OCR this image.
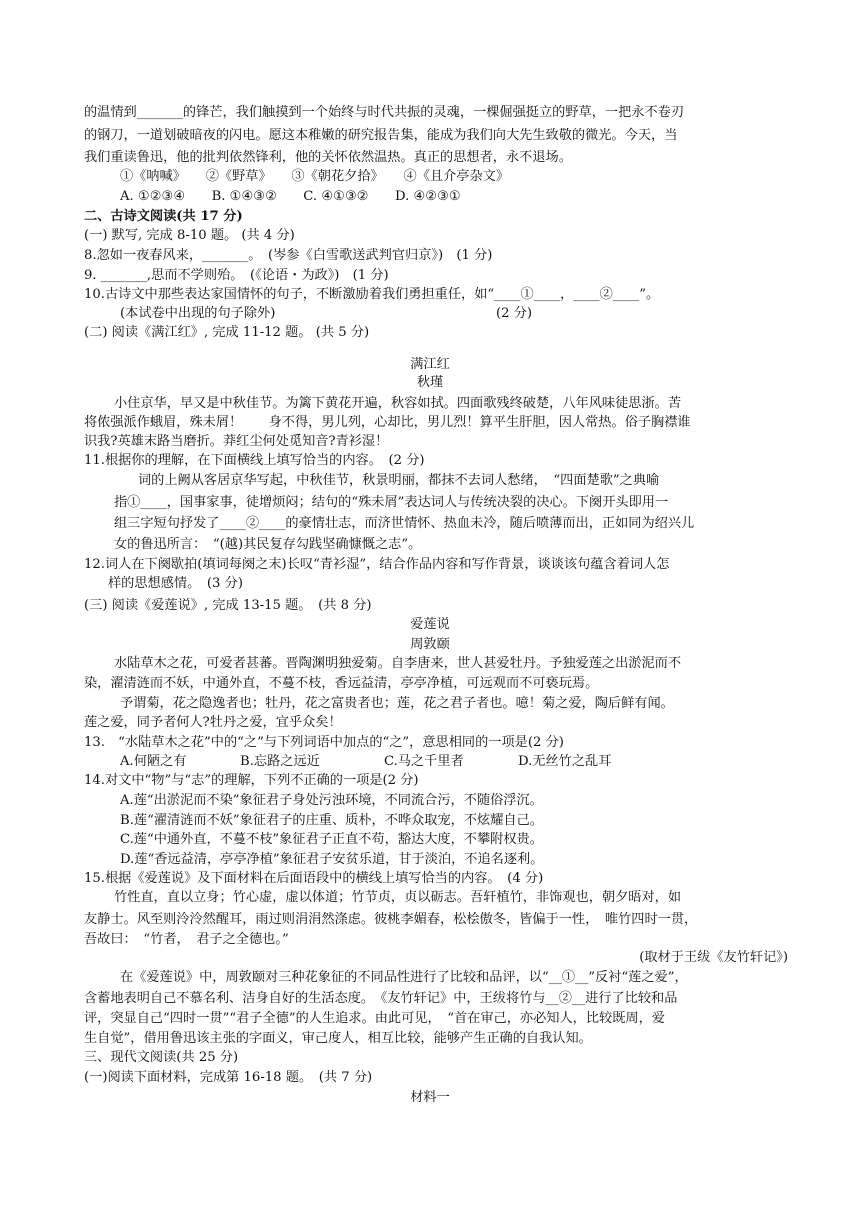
的温情到_______的锋芒，我们触摸到一个始终与时代共振的灵魂，一棵倔强挺立的野草，一把永不卷刃
的钢刀，一道划破暗夜的闪电。愿这本稚嫩的研究报告集，能成为我们向大先生致敬的微光。今天，当
我们重读鲁迅，他的批判依然锋利，他的关怀依然温热。真正的思想者，永不退场。
①《呐喊》　　②《野草》　　③《朝花夕拾》　　④《且介亭杂文》
A. ①②③④　　B. ①④③②　　C. ④①③②　　D. ④②③①
二、古诗文阅读(共 17 分)
(一) 默写, 完成 8-10 题。 (共 4 分)
8.忽如一夜春风来，_______。　(岑参《白雪歌送武判官归京》)　(1 分)
9. _______,思而不学则殆。　(《论语・为政》)　(1 分)
10.古诗文中那些表达家国情怀的句子，不断激励着我们勇担重任，如“____①____，____②____”。
(本试卷中出现的句子除外)	(2 分)
(二) 阅读《满江红》, 完成 11-12 题。 (共 5 分)
满江红
秋瑾
小住京华，早又是中秋佳节。为篱下黄花开遍，秋容如拭。四面歌残终破楚，八年风味徒思浙。苦
将侬强派作蛾眉，殊未屑！　　身不得，男儿列，心却比，男儿烈！算平生肝胆，因人常热。俗子胸襟谁
识我?英雄末路当磨折。莽红尘何处觅知音?青衫湿！
11.根据你的理解，在下面横线上填写恰当的内容。　(2 分)
词的上阙从客居京华写起，中秋佳节，秋景明丽，都抹不去词人愁绪，　“四面楚歌”之典喻
指①____，国事家事，徒增烦闷；结句的“殊未屑”表达词人与传统决裂的决心。下阕开头即用一
组三字短句抒发了____②____的豪情壮志，而济世情怀、热血未冷，随后喷薄而出，正如同为绍兴儿
女的鲁迅所言：　“(越)其民复存勾践坚确慷慨之志”。
12.词人在下阕歇拍(填词每阕之末)长叹“青衫湿”，结合作品内容和写作背景，谈谈该句蕴含着词人怎
样的思想感情。　(3 分)
(三) 阅读《爱莲说》, 完成 13-15 题。　(共 8 分)
爱莲说
周敦颐
水陆草木之花，可爱者甚蕃。晋陶渊明独爱菊。自李唐来，世人甚爱牡丹。予独爱莲之出淤泥而不
染，濯清涟而不妖，中通外直，不蔓不枝，香远益清，亭亭净植，可远观而不可亵玩焉。
予谓菊，花之隐逸者也；牡丹，花之富贵者也；莲，花之君子者也。噫！菊之爱，陶后鲜有闻。
莲之爱，同予者何人?牡丹之爱，宜乎众矣！
13.　“水陆草木之花”中的“之”与下列词语中加点的“之”，意思相同的一项是(2 分)
A.何陋之有	B.忘路之远近	C.马之千里者	D.无丝竹之乱耳
14.对文中“物”与“志”的理解，下列不正确的一项是(2 分)
A.莲“出淤泥而不染”象征君子身处污浊环境，不同流合污，不随俗浮沉。
B.莲“濯清涟而不妖”象征君子的庄重、质朴，不哗众取宠，不炫耀自己。
C.莲“中通外直，不蔓不枝”象征君子正直不苟，豁达大度，不攀附权贵。
D.莲“香远益清，亭亭净植”象征君子安贫乐道，甘于淡泊，不追名逐利。
15.根据《爱莲说》及下面材料在后面语段中的横线上填写恰当的内容。　(4 分)
竹性直，直以立身；竹心虚，虚以体道；竹节贞，贞以砺志。吾轩植竹，非饰观也，朝夕晤对，如
友静士。风至则泠泠然醒耳，雨过则涓涓然涤虑。彼桃李媚春，松桧傲冬，皆偏于一性，　唯竹四时一贯，
吾故曰：　“竹者，　君子之全德也。”
(取材于王绂《友竹轩记》)
在《爱莲说》中，周敦颐对三种花象征的不同品性进行了比较和品评，以“__①__”反衬“莲之爱”，
含蓄地表明自己不慕名利、洁身自好的生活态度。　《友竹轩记》中，王绂将竹与__②__进行了比较和品
评，突显自己“四时一贯”“君子全德”的人生追求。由此可见，　“首在审己，亦必知人，比较既周，爱
生自觉”，借用鲁迅该主张的字面义，审己度人，相互比较，能够产生正确的自我认知。
三、现代文阅读(共 25 分)
(一)阅读下面材料，完成第 16-18 题。　(共 7 分)
材料一
